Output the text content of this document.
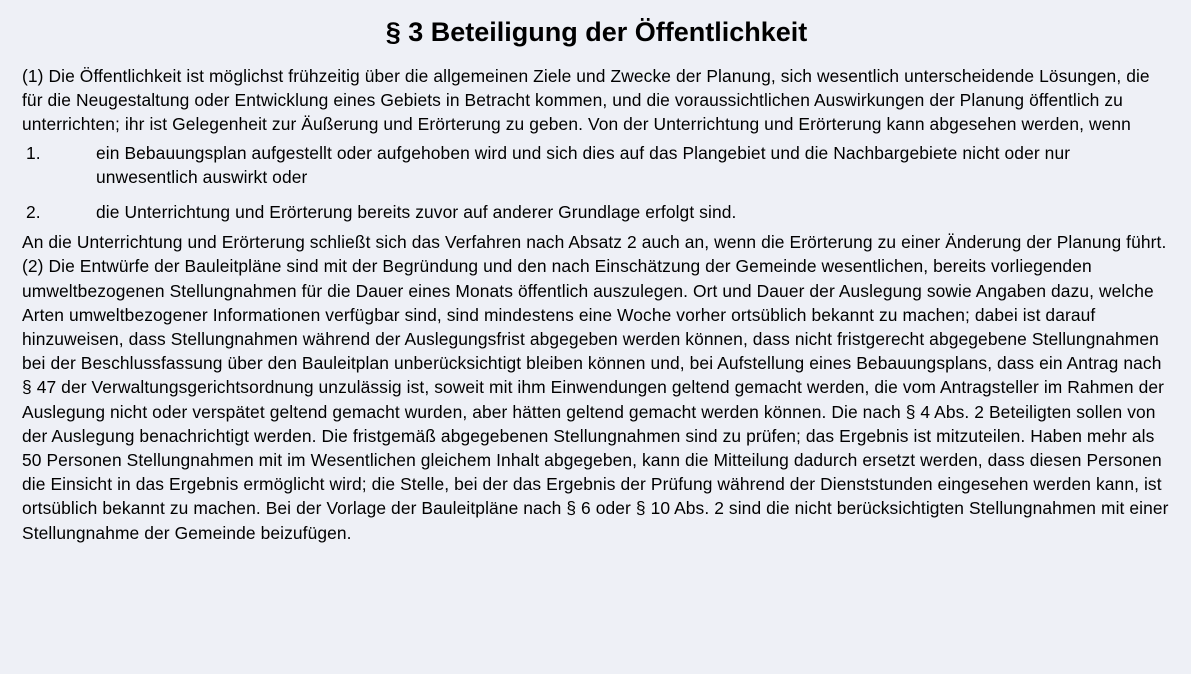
§ 3 Beteiligung der Öffentlichkeit

(1) Die Öffentlichkeit ist möglichst frühzeitig über die allgemeinen Ziele und Zwecke der Planung, sich wesentlich unterscheidende Lösungen, die für die Neugestaltung oder Entwicklung eines Gebiets in Betracht kommen, und die voraussichtlichen Auswirkungen der Planung öffentlich zu unterrichten; ihr ist Gelegenheit zur Äußerung und Erörterung zu geben. Von der Unterrichtung und Erörterung kann abgesehen werden, wenn

1.	ein Bebauungsplan aufgestellt oder aufgehoben wird und sich dies auf das Plangebiet und die Nachbargebiete nicht oder nur unwesentlich auswirkt oder
2.	die Unterrichtung und Erörterung bereits zuvor auf anderer Grundlage erfolgt sind.

An die Unterrichtung und Erörterung schließt sich das Verfahren nach Absatz 2 auch an, wenn die Erörterung zu einer Änderung der Planung führt.

(2) Die Entwürfe der Bauleitpläne sind mit der Begründung und den nach Einschätzung der Gemeinde wesentlichen, bereits vorliegenden umweltbezogenen Stellungnahmen für die Dauer eines Monats öffentlich auszulegen. Ort und Dauer der Auslegung sowie Angaben dazu, welche Arten umweltbezogener Informationen verfügbar sind, sind mindestens eine Woche vorher ortsüblich bekannt zu machen; dabei ist darauf hinzuweisen, dass Stellungnahmen während der Auslegungsfrist abgegeben werden können, dass nicht fristgerecht abgegebene Stellungnahmen bei der Beschlussfassung über den Bauleitplan unberücksichtigt bleiben können und, bei Aufstellung eines Bebauungsplans, dass ein Antrag nach § 47 der Verwaltungsgerichtsordnung unzulässig ist, soweit mit ihm Einwendungen geltend gemacht werden, die vom Antragsteller im Rahmen der Auslegung nicht oder verspätet geltend gemacht wurden, aber hätten geltend gemacht werden können. Die nach § 4 Abs. 2 Beteiligten sollen von der Auslegung benachrichtigt werden. Die fristgemäß abgegebenen Stellungnahmen sind zu prüfen; das Ergebnis ist mitzuteilen. Haben mehr als 50 Personen Stellungnahmen mit im Wesentlichen gleichem Inhalt abgegeben, kann die Mitteilung dadurch ersetzt werden, dass diesen Personen die Einsicht in das Ergebnis ermöglicht wird; die Stelle, bei der das Ergebnis der Prüfung während der Dienststunden eingesehen werden kann, ist ortsüblich bekannt zu machen. Bei der Vorlage der Bauleitpläne nach § 6 oder § 10 Abs. 2 sind die nicht berücksichtigten Stellungnahmen mit einer Stellungnahme der Gemeinde beizufügen.
